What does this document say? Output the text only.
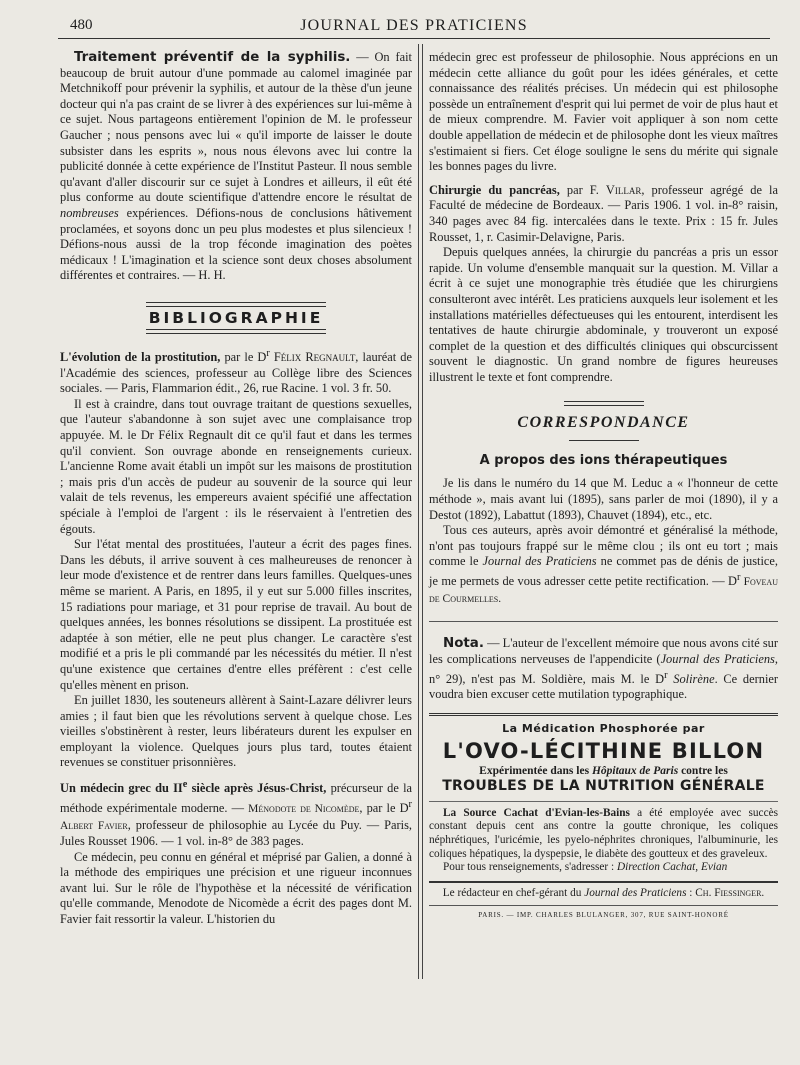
480	JOURNAL DES PRATICIENS

Traitement préventif de la syphilis. — On fait beaucoup de bruit autour d'une pommade au calomel imaginée par Metchnikoff pour prévenir la syphilis, et autour de la thèse d'un jeune docteur qui n'a pas craint de se livrer à des expériences sur lui-même à ce sujet. Nous partageons entièrement l'opinion de M. le professeur Gaucher ; nous pensons avec lui « qu'il importe de laisser le doute subsister dans les esprits », nous nous élevons avec lui contre la publicité donnée à cette expérience de l'Institut Pasteur. Il nous semble qu'avant d'aller discourir sur ce sujet à Londres et ailleurs, il eût été plus conforme au doute scientifique d'attendre encore le résultat de nombreuses expériences. Défions-nous de conclusions hâtivement proclamées, et soyons donc un peu plus modestes et plus silencieux ! Défions-nous aussi de la trop féconde imagination des poètes médicaux ! L'imagination et la science sont deux choses absolument différentes et contraires. — H. H.

BIBLIOGRAPHIE

L'évolution de la prostitution, par le $D^r$ Félix Regnault, lauréat de l'Académie des sciences, professeur au Collège libre des Sciences sociales. — Paris, Flammarion édit., 26, rue Racine. 1 vol. 3 fr. 50.

Il est à craindre, dans tout ouvrage traitant de questions sexuelles, que l'auteur s'abandonne à son sujet avec une complaisance trop appuyée. M. le Dr Félix Regnault dit ce qu'il faut et dans les termes qu'il convient. Son ouvrage abonde en renseignements curieux. L'ancienne Rome avait établi un impôt sur les maisons de prostitution ; mais pris d'un accès de pudeur au souvenir de la source qui leur valait de tels revenus, les empereurs avaient spécifié une affectation spéciale à l'emploi de l'argent : ils le réservaient à l'entretien des égouts.

Sur l'état mental des prostituées, l'auteur a écrit des pages fines. Dans les débuts, il arrive souvent à ces malheureuses de renoncer à leur mode d'existence et de rentrer dans leurs familles. Quelques-unes même se marient. A Paris, en 1895, il y eut sur 5.000 filles inscrites, 15 radiations pour mariage, et 31 pour reprise de travail. Au bout de quelques années, les bonnes résolutions se dissipent. La prostituée est adaptée à son métier, elle ne peut plus changer. Le caractère s'est modifié et a pris le pli commandé par les nécessités du métier. Il n'est qu'une existence que certaines d'entre elles préfèrent : c'est celle qu'elles mènent en prison.

En juillet 1830, les souteneurs allèrent à Saint-Lazare délivrer leurs amies ; il faut bien que les révolutions servent à quelque chose. Les vieilles s'obstinèrent à rester, leurs libérateurs durent les expulser en employant la violence. Quelques jours plus tard, toutes étaient revenues se constituer prisonnières.

Un médecin grec du IIe siècle après Jésus-Christ, précurseur de la méthode expérimentale moderne. — Ménodote de Nicomède, par le $D^r$ Albert Favier, professeur de philosophie au Lycée du Puy. — Paris, Jules Rousset 1906. — 1 vol. in-8° de 383 pages.

Ce médecin, peu connu en général et méprisé par Galien, a donné à la méthode des empiriques une précision et une rigueur inconnues avant lui. Sur le rôle de l'hypothèse et la nécessité de vérification qu'elle commande, Menodote de Nicomède a écrit des pages dont M. Favier fait ressortir la valeur. L'historien du

médecin grec est professeur de philosophie. Nous apprécions en un médecin cette alliance du goût pour les idées générales, et cette connaissance des réalités précises. Un médecin qui est philosophe possède un entraînement d'esprit qui lui permet de voir de plus haut et de mieux comprendre. M. Favier voit appliquer à son nom cette double appellation de médecin et de philosophe dont les vieux maîtres s'estimaient si fiers. Cet éloge souligne le sens du mérite qui signale les bonnes pages du livre.

Chirurgie du pancréas, par F. Villar, professeur agrégé de la Faculté de médecine de Bordeaux. — Paris 1906. 1 vol. in-8° raisin, 340 pages avec 84 fig. intercalées dans le texte. Prix : 15 fr. Jules Rousset, 1, r. Casimir-Delavigne, Paris.

Depuis quelques années, la chirurgie du pancréas a pris un essor rapide. Un volume d'ensemble manquait sur la question. M. Villar a écrit à ce sujet une monographie très étudiée que les chirurgiens consulteront avec intérêt. Les praticiens auxquels leur isolement et les installations matérielles défectueuses qui les entourent, interdisent les tentatives de haute chirurgie abdominale, y trouveront un exposé complet de la question et des difficultés cliniques qui obscurcissent souvent le diagnostic. Un grand nombre de figures heureuses illustrent le texte et font comprendre.

CORRESPONDANCE
A propos des ions thérapeutiques

Je lis dans le numéro du 14 que M. Leduc a « l'honneur de cette méthode », mais avant lui (1895), sans parler de moi (1890), il y a Destot (1892), Labattut (1893), Chauvet (1894), etc., etc.

Tous ces auteurs, après avoir démontré et généralisé la méthode, n'ont pas toujours frappé sur le même clou ; ils ont eu tort ; mais comme le Journal des Praticiens ne commet pas de dénis de justice, je me permets de vous adresser cette petite rectification. — $D^r$ Foveau de Courmelles.

Nota. — L'auteur de l'excellent mémoire que nous avons cité sur les complications nerveuses de l'appendicite (Journal des Praticiens, n° 29), n'est pas M. Soldière, mais M. le $D^r$ Solirène. Ce dernier voudra bien excuser cette mutilation typographique.

La Médication Phosphorée par
L'OVO-LÉCITHINE BILLON
Expérimentée dans les Hôpitaux de Paris contre les
TROUBLES DE LA NUTRITION GÉNÉRALE

La Source Cachat d'Evian-les-Bains a été employée avec succès constant depuis cent ans contre la goutte chronique, les coliques néphrétiques, l'uricémie, les pyelo-néphrites chroniques, l'albuminurie, les coliques hépatiques, la dyspepsie, le diabète des goutteux et des graveleux.

Pour tous renseignements, s'adresser : Direction Cachat, Evian

Le rédacteur en chef-gérant du Journal des Praticiens : Ch. Fiessinger.
PARIS. — IMP. CHARLES BLULANGER, 307, RUE SAINT-HONORÉ
